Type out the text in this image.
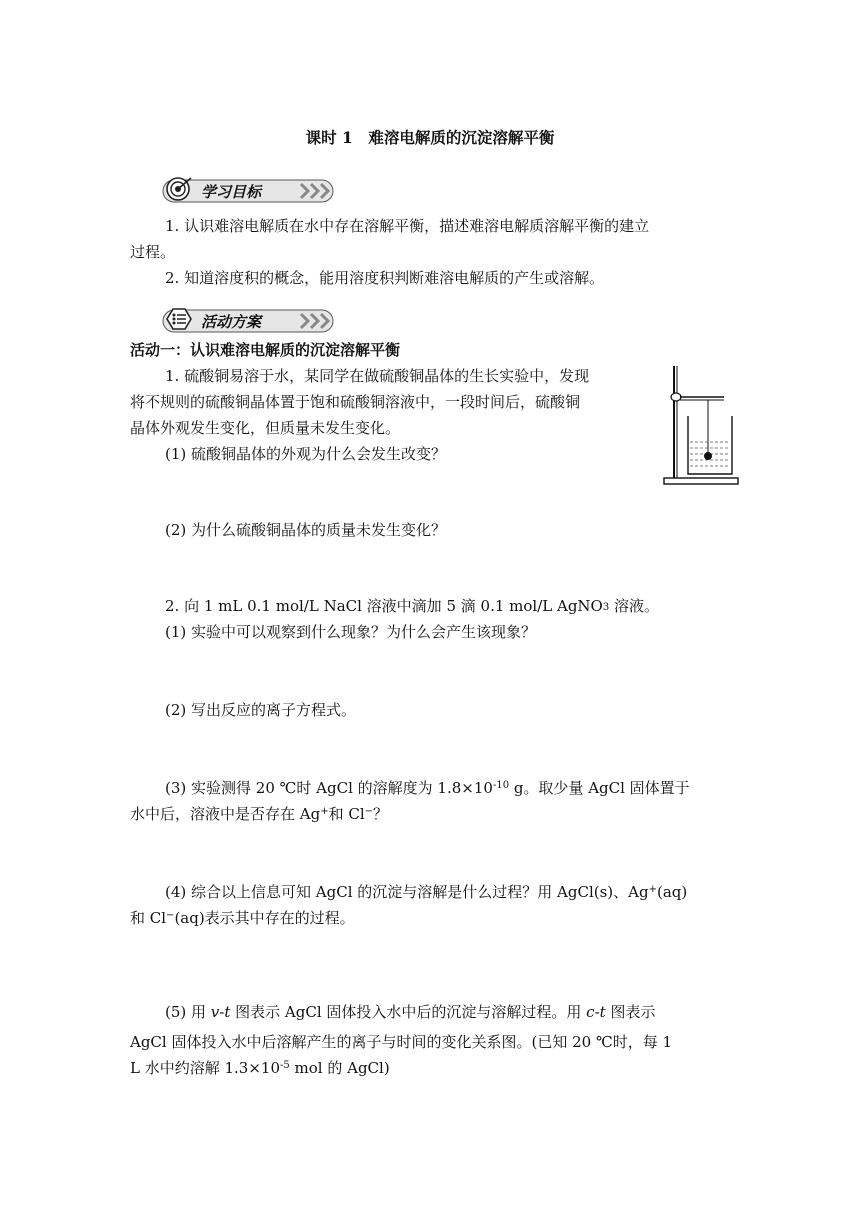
课时 1　难溶电解质的沉淀溶解平衡
学习目标
1. 认识难溶电解质在水中存在溶解平衡，描述难溶电解质溶解平衡的建立
过程。
2. 知道溶度积的概念，能用溶度积判断难溶电解质的产生或溶解。
活动方案
活动一：认识难溶电解质的沉淀溶解平衡
1. 硫酸铜易溶于水，某同学在做硫酸铜晶体的生长实验中，发现
将不规则的硫酸铜晶体置于饱和硫酸铜溶液中，一段时间后，硫酸铜
晶体外观发生变化，但质量未发生变化。
(1) 硫酸铜晶体的外观为什么会发生改变？
(2) 为什么硫酸铜晶体的质量未发生变化？
2. 向 1 mL 0.1 mol/L NaCl 溶液中滴加 5 滴 0.1 mol/L AgNO3 溶液。
(1) 实验中可以观察到什么现象？为什么会产生该现象？
(2) 写出反应的离子方程式。
(3) 实验测得 20 ℃时 AgCl 的溶解度为 $1.8\times 10^{-10}$ g。取少量 AgCl 固体置于
水中后，溶液中是否存在 Ag+和 Cl−？
(4) 综合以上信息可知 AgCl 的沉淀与溶解是什么过程？用 AgCl(s)、Ag+(aq)
和 Cl−(aq)表示其中存在的过程。
(5) 用 v-t 图表示 AgCl 固体投入水中后的沉淀与溶解过程。用 c-t 图表示
AgCl 固体投入水中后溶解产生的离子与时间的变化关系图。(已知 20 ℃时，每 1
L 水中约溶解 $1.3\times 10^{-5}$ mol 的 AgCl)
